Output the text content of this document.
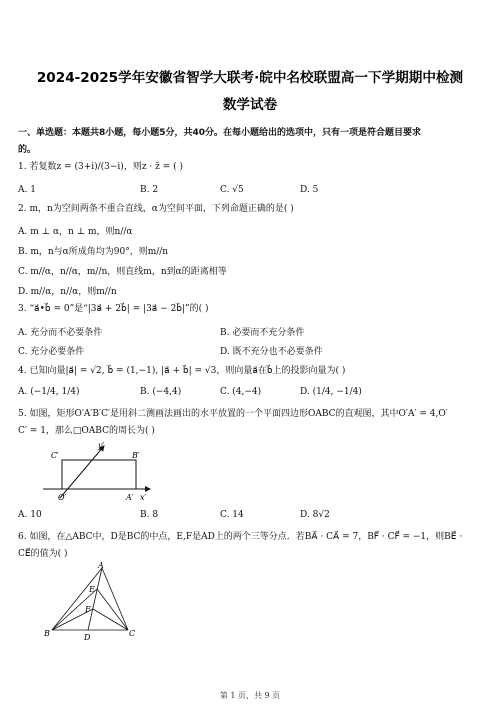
2024-2025学年安徽省智学大联考·皖中名校联盟高一下学期期中检测
数学试卷
一、单选题：本题共8小题，每小题5分，共40分。在每小题给出的选项中，只有一项是符合题目要求
的。
1. 若复数z = (3+i)/(3−i)，则z · z̄ = ( )
A. 1	B. 2	C. √5	D. 5
2. m，n为空间两条不重合直线，α为空间平面，下列命题正确的是( )
A. m ⊥ α，n ⊥ m，则n//α
B. m，n与α所成角均为90°，则m//n
C. m//α，n//α，m//n，则直线m，n到α的距离相等
D. m//α，n//α，则m//n
3. “a⃗•b⃗ = 0”是“|3a⃗ + 2b⃗| = |3a⃗ − 2b⃗|”的( )
A. 充分而不必要条件	B. 必要而不充分条件
C. 充分必要条件	D. 既不充分也不必要条件
4. 已知向量|a⃗| = √2, b⃗ = (1,−1), |a⃗ + b⃗| = √3，则向量a⃗在b⃗上的投影向量为( )
A. (−1/4, 1/4)	B. (−4,4)	C. (4,−4)	D. (1/4, −1/4)
5. 如图，矩形O′A′B′C′是用斜二测画法画出的水平放置的一个平面四边形OABC的直观图，其中O′A′ = 4,O′
C′ = 1，那么□OABC的周长为( )
C′	B′
y′
O′	A′ x′
A. 10	B. 8	C. 14	D. 8√2
6. 如图，在△ABC中，D是BC的中点，E,F是AD上的两个三等分点．若BA⃗ · CA⃗ = 7，BF⃗ · CF⃗ = −1，则BE⃗ ·
CE⃗的值为( )
A
E
F
B	D	C
第 1 页，共 9 页
